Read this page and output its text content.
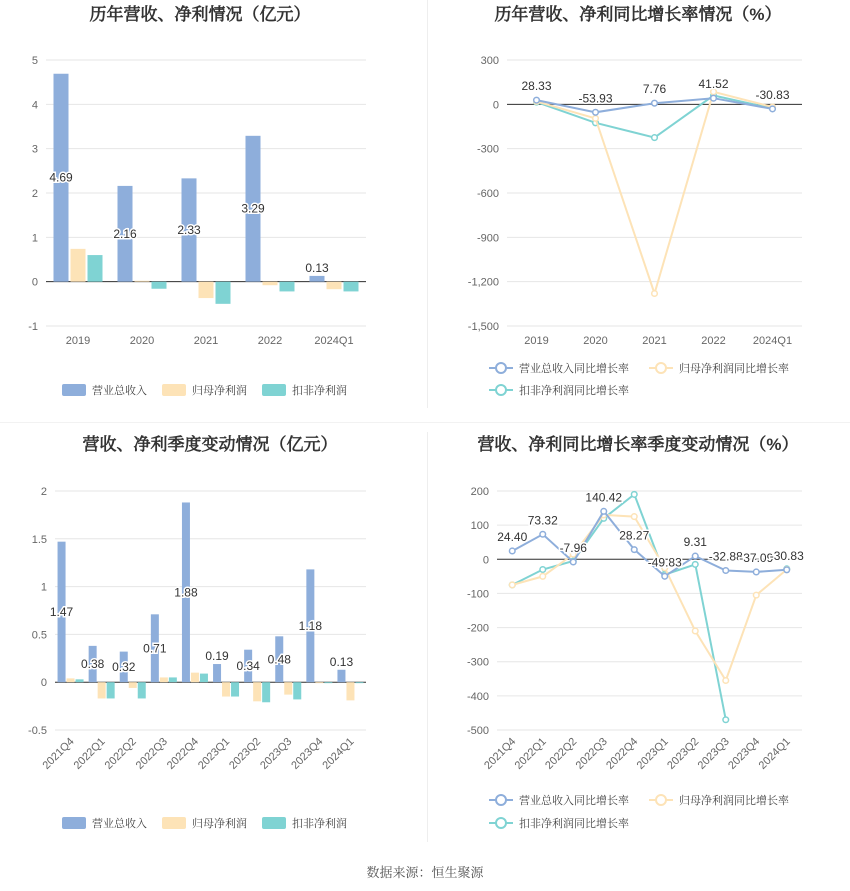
历年营收、净利情况（亿元）
5
4
3
2
1
0
-1
2019	2020	2021	2022	2024Q1
4.69
2.16	2.33
3.29
0.13
营业总收入	归母净利润	扣非净利润
历年营收、净利同比增长率情况（%）
300
0
-300
-600
-900
-1,200
-1,500
2019	2020	2021	2022 2024Q1
28.33
-53.93
7.76	41.52
-30.83
营业总收入同比增长率	归母净利润同比增长率
扣非净利润同比增长率
营收、净利季度变动情况（亿元）
2
1.5
1
0.5
0
-0.5
2021Q4
2022Q1
2022Q2
2022Q3
2022Q4
2023Q1
2023Q2
2023Q3
2023Q4
2024Q1
1.47
0.38 0.32
0.71
1.88
0.19
0.34 0.48
1.18
0.13
营业总收入	归母净利润	扣非净利润
营收、净利同比增长率季度变动情况（%）
200
100
0
-100
-200
-300
-400
-500
2021Q4
2022Q1
2022Q2
2022Q3
2022Q4
2023Q1
2023Q2
2023Q3
2023Q4
2024Q1
24.40
73.32
-7.96
140.42
28.27
-49.83
9.31
-32.88
-37.09
-30.83
营业总收入同比增长率	归母净利润同比增长率
扣非净利润同比增长率
数据来源：恒生聚源
